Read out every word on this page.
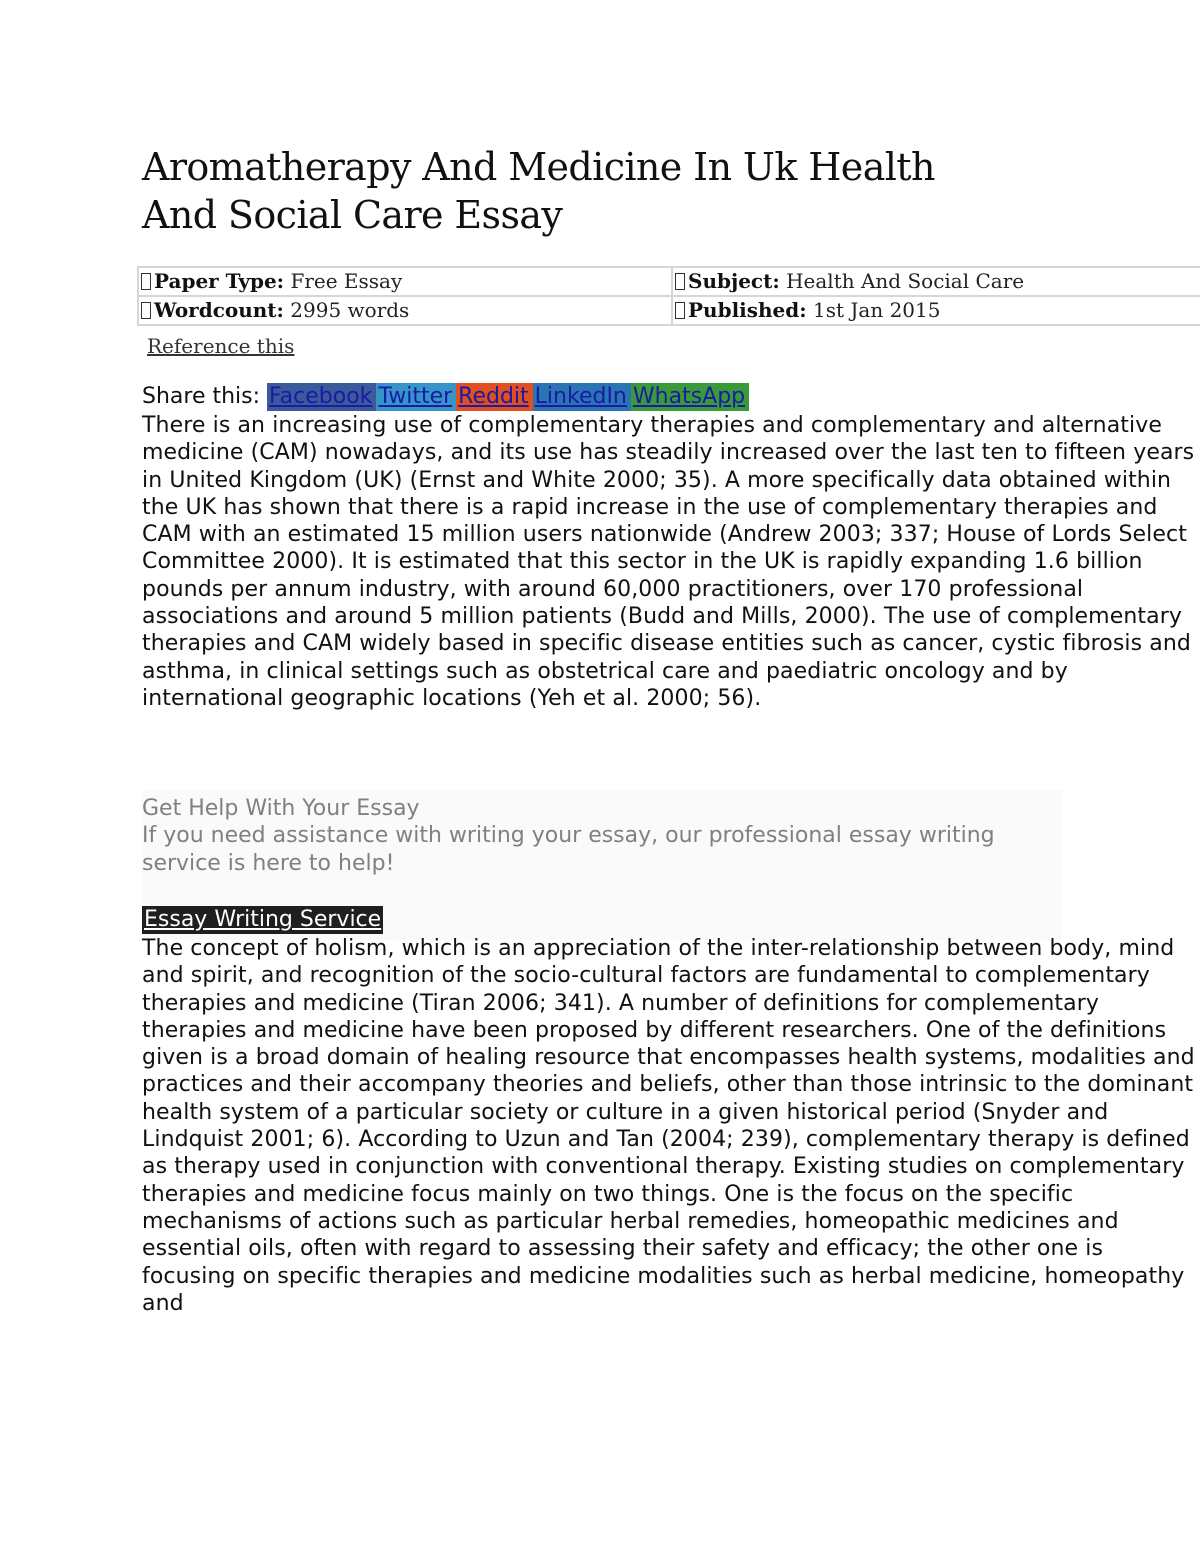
Aromatherapy And Medicine In Uk Health And Social Care Essay
Paper Type: Free Essay	Subject: Health And Social Care
Wordcount: 2995 words	Published: 1st Jan 2015
Reference this
Share this: Facebook Twitter Reddit LinkedIn WhatsApp

There is an increasing use of complementary therapies and complementary and alternative medicine (CAM) nowadays, and its use has steadily increased over the last ten to fifteen years in United Kingdom (UK) (Ernst and White 2000; 35). A more specifically data obtained within the UK has shown that there is a rapid increase in the use of complementary therapies and CAM with an estimated 15 million users nationwide (Andrew 2003; 337; House of Lords Select Committee 2000). It is estimated that this sector in the UK is rapidly expanding 1.6 billion pounds per annum industry, with around 60,000 practitioners, over 170 professional associations and around 5 million patients (Budd and Mills, 2000). The use of complementary therapies and CAM widely based in specific disease entities such as cancer, cystic fibrosis and asthma, in clinical settings such as obstetrical care and paediatric oncology and by international geographic locations (Yeh et al. 2000; 56).

Get Help With Your Essay

If you need assistance with writing your essay, our professional essay writing service is here to help!

Essay Writing Service

The concept of holism, which is an appreciation of the inter-relationship between body, mind and spirit, and recognition of the socio-cultural factors are fundamental to complementary therapies and medicine (Tiran 2006; 341). A number of definitions for complementary therapies and medicine have been proposed by different researchers. One of the definitions given is a broad domain of healing resource that encompasses health systems, modalities and practices and their accompany theories and beliefs, other than those intrinsic to the dominant health system of a particular society or culture in a given historical period (Snyder and Lindquist 2001; 6). According to Uzun and Tan (2004; 239), complementary therapy is defined as therapy used in conjunction with conventional therapy. Existing studies on complementary therapies and medicine focus mainly on two things. One is the focus on the specific mechanisms of actions such as particular herbal remedies, homeopathic medicines and essential oils, often with regard to assessing their safety and efficacy; the other one is focusing on specific therapies and medicine modalities such as herbal medicine, homeopathy and
